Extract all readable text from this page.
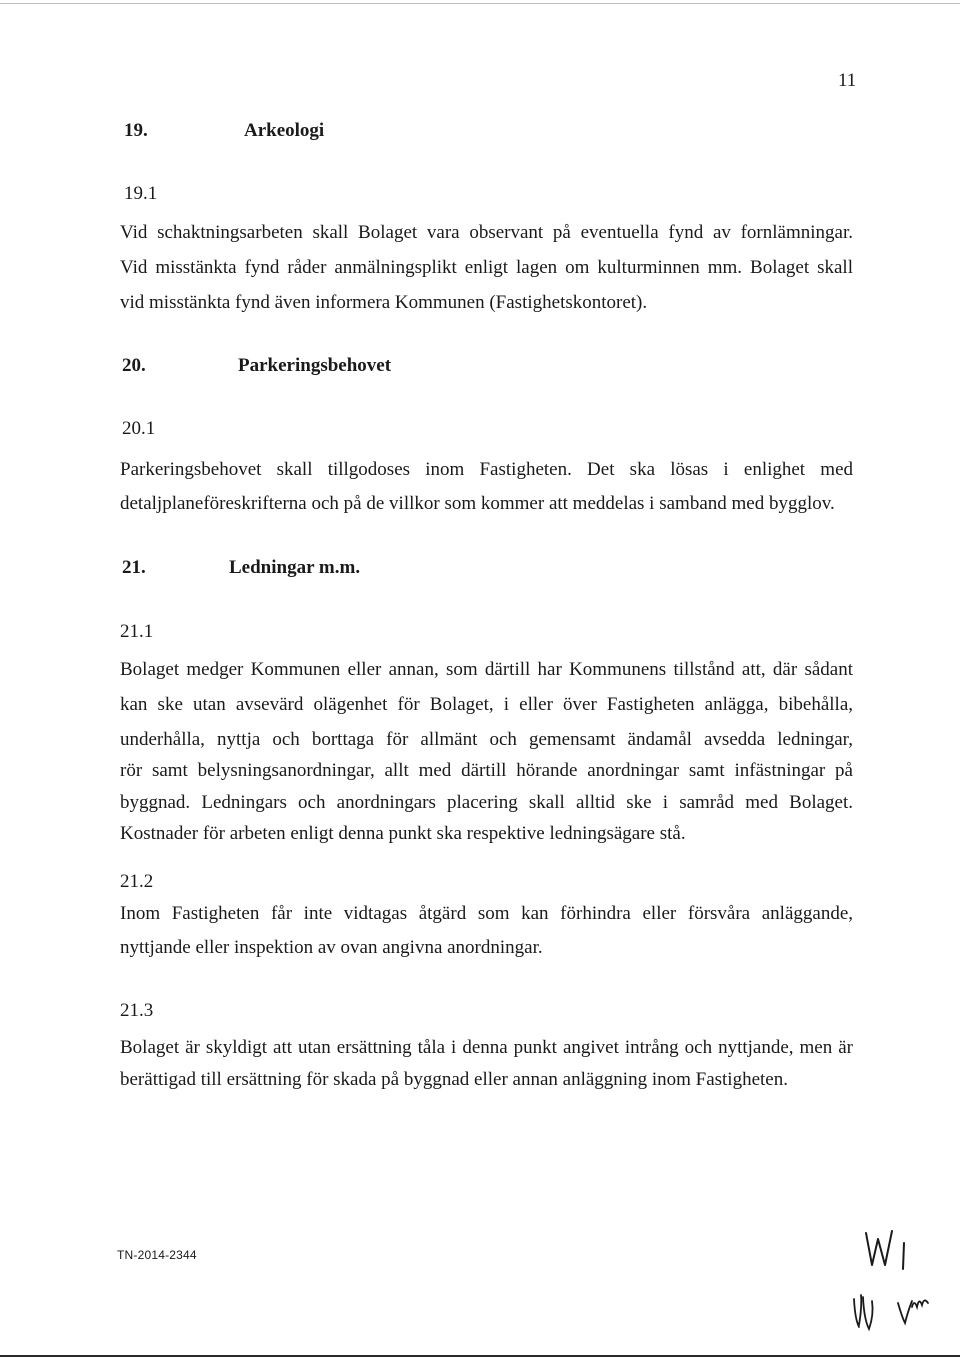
11
19.	Arkeologi
19.1
Vid schaktningsarbeten skall Bolaget vara observant på eventuella fynd av fornlämningar.
Vid misstänkta fynd råder anmälningsplikt enligt lagen om kulturminnen mm. Bolaget skall
vid misstänkta fynd även informera Kommunen (Fastighetskontoret).
20.	Parkeringsbehovet
20.1
Parkeringsbehovet skall tillgodoses inom Fastigheten. Det ska lösas i enlighet med
detaljplaneföreskrifterna och på de villkor som kommer att meddelas i samband med bygglov.
21.	Ledningar m.m.
21.1
Bolaget medger Kommunen eller annan, som därtill har Kommunens tillstånd att, där sådant
kan ske utan avsevärd olägenhet för Bolaget, i eller över Fastigheten anlägga, bibehålla,
underhålla, nyttja och borttaga för allmänt och gemensamt ändamål avsedda ledningar,
rör samt belysningsanordningar, allt med därtill hörande anordningar samt infästningar på
byggnad. Ledningars och anordningars placering skall alltid ske i samråd med Bolaget.
Kostnader för arbeten enligt denna punkt ska respektive ledningsägare stå.
21.2
Inom Fastigheten får inte vidtagas åtgärd som kan förhindra eller försvåra anläggande,
nyttjande eller inspektion av ovan angivna anordningar.
21.3
Bolaget är skyldigt att utan ersättning tåla i denna punkt angivet intrång och nyttjande, men är
berättigad till ersättning för skada på byggnad eller annan anläggning inom Fastigheten.
TN-2014-2344
